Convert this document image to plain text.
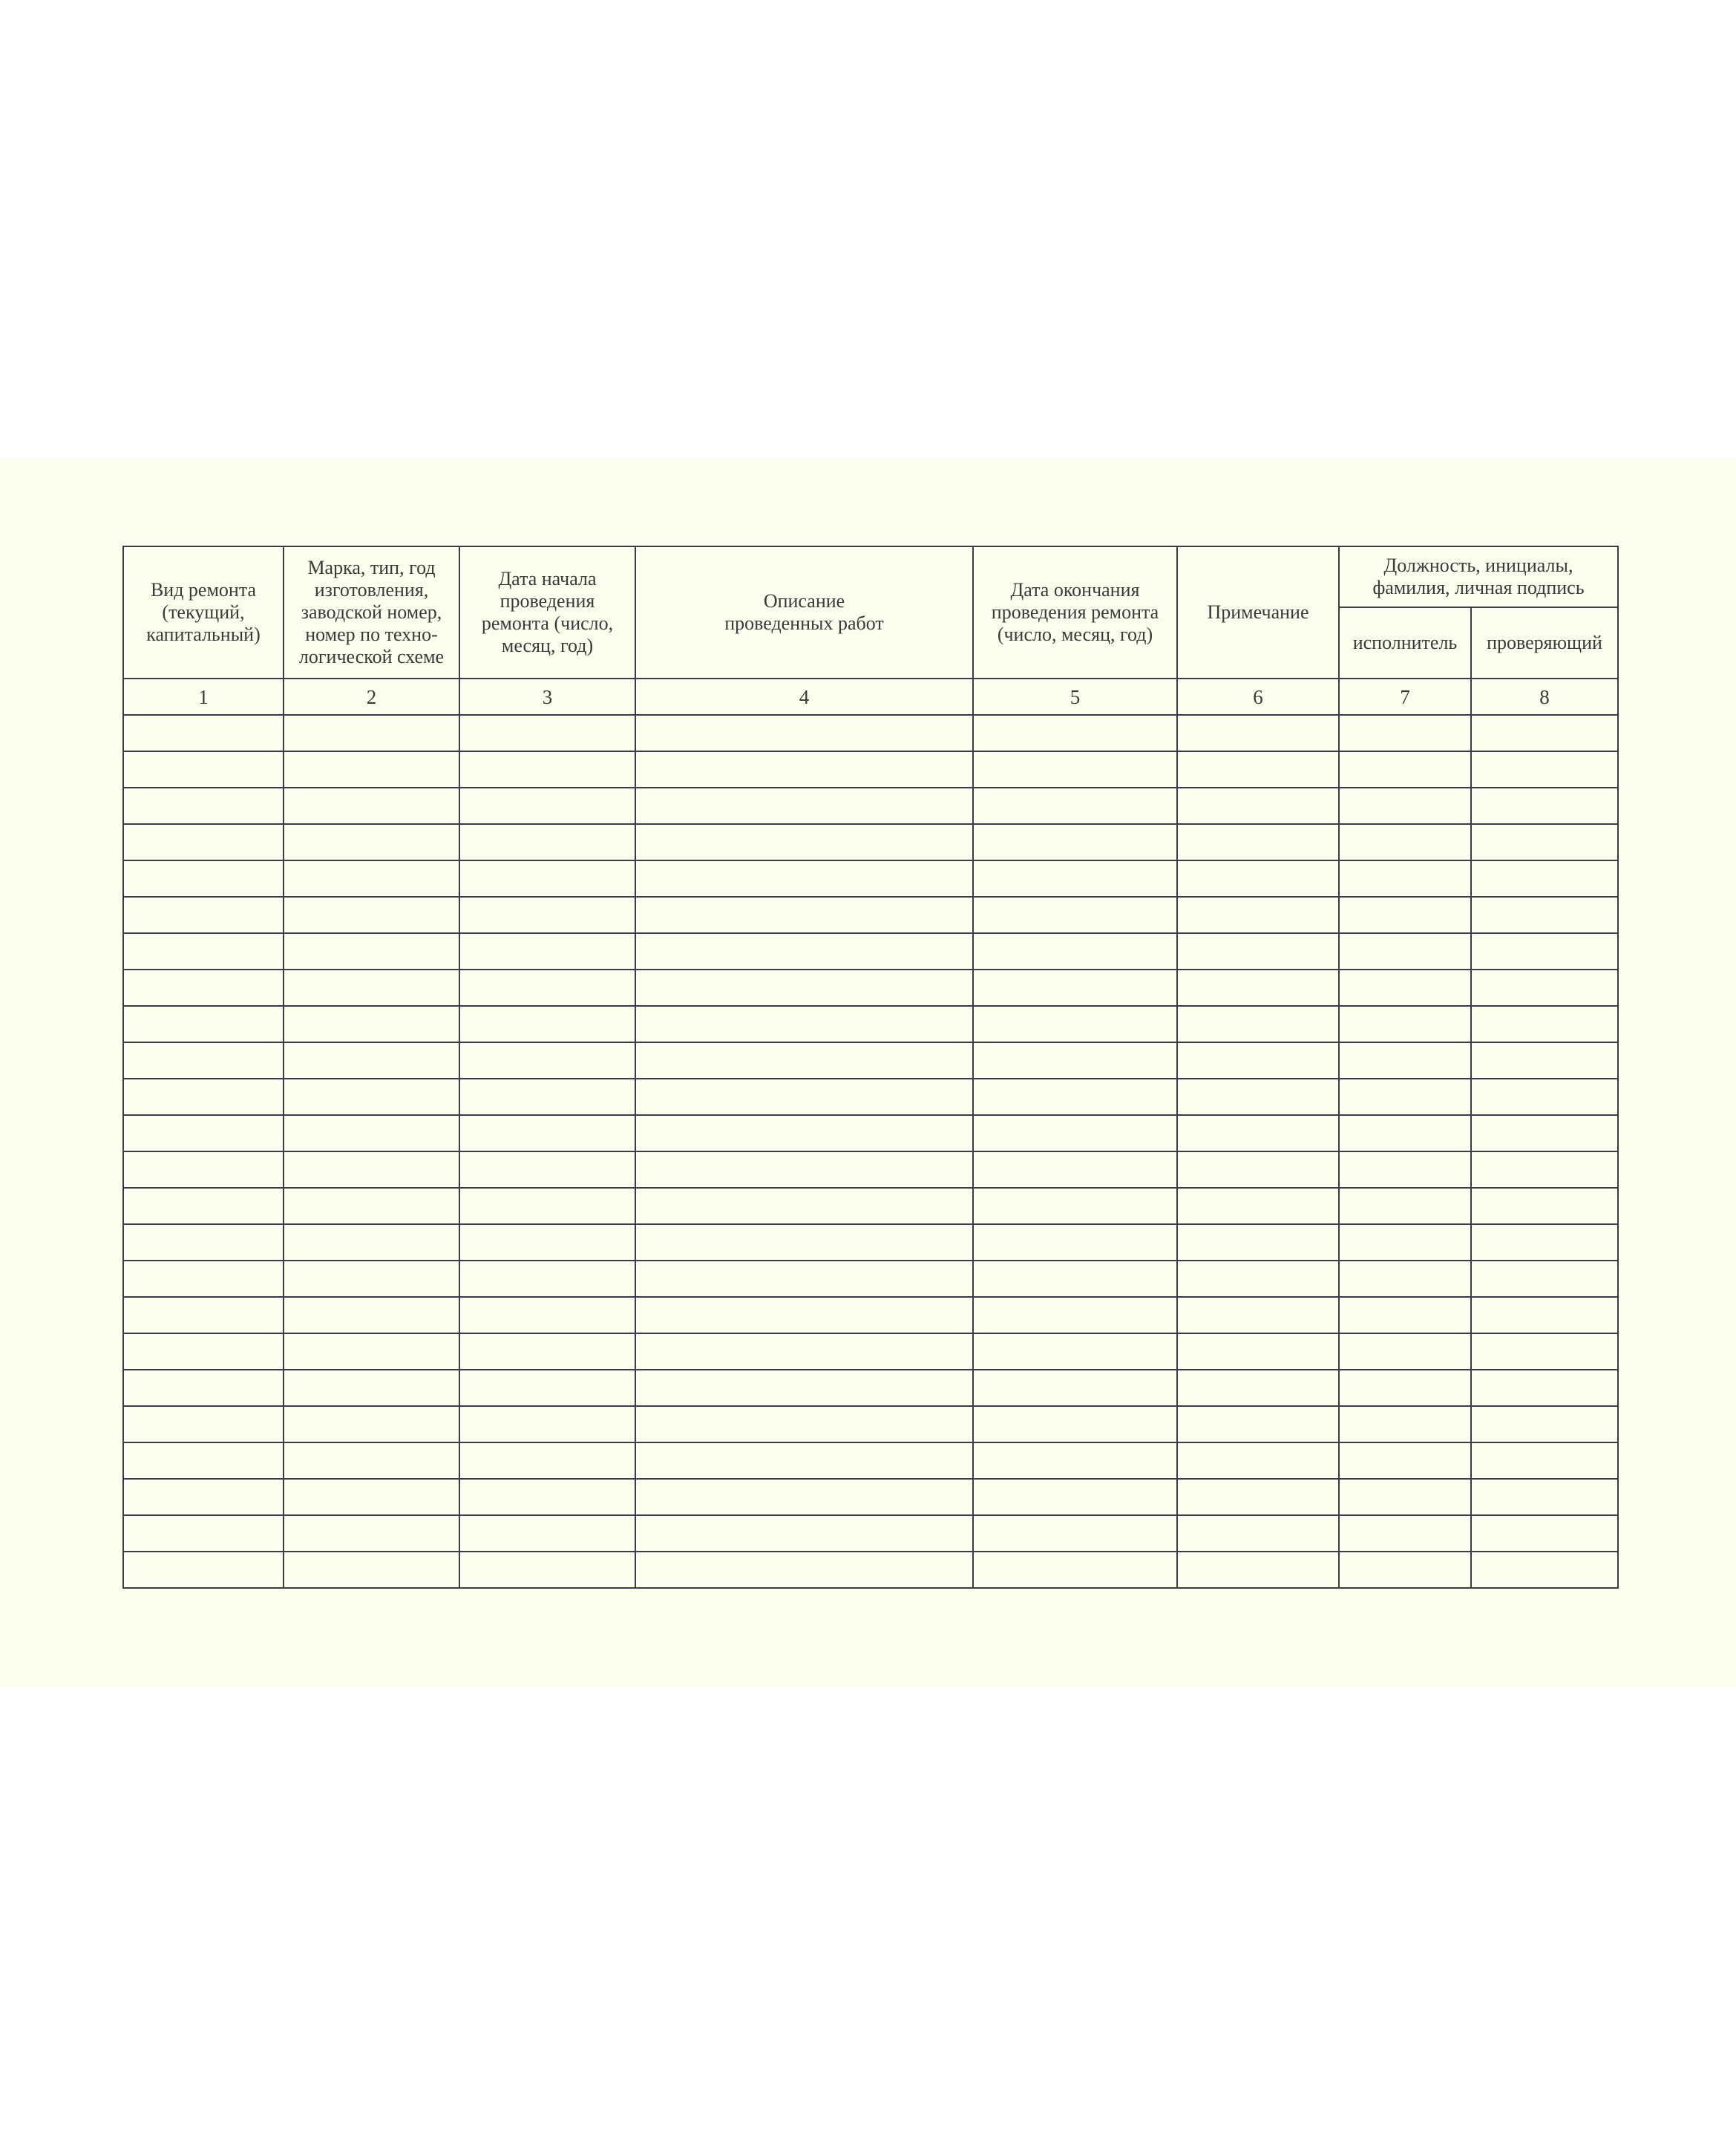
Вид ремонта
(текущий,
капитальный)	Марка, тип, год
изготовления,
заводской номер,
номер по техно-
логической схеме	Дата начала
проведения
ремонта (число,
месяц, год)	Описание
проведенных работ	Дата окончания
проведения ремонта
(число, месяц, год)	Примечание	Должность, инициалы,
фамилия, личная подпись	

						исполнитель	проверяющий

1	2	3	4	5	6	7	8
